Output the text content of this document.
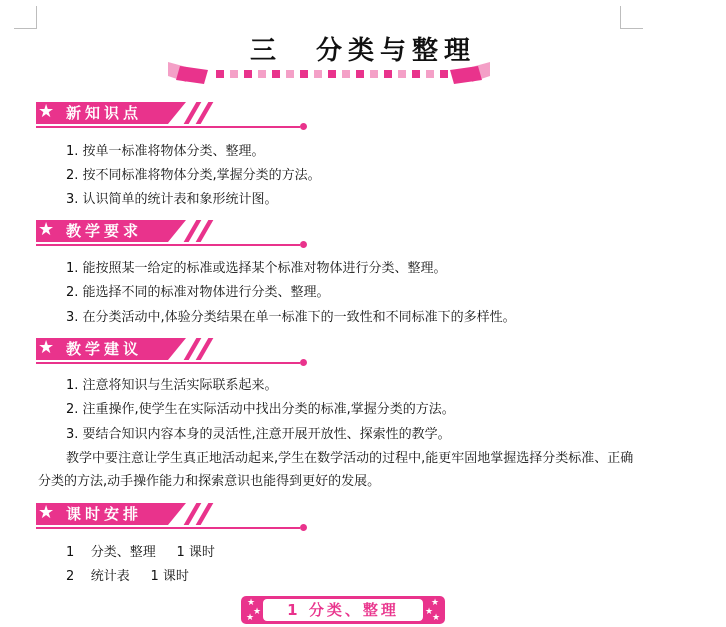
三 分类与整理
★ 新知识点
1. 按单一标准将物体分类、整理。
2. 按不同标准将物体分类,掌握分类的方法。
3. 认识简单的统计表和象形统计图。
★ 教学要求
1. 能按照某一给定的标准或选择某个标准对物体进行分类、整理。
2. 能选择不同的标准对物体进行分类、整理。
3. 在分类活动中,体验分类结果在单一标准下的一致性和不同标准下的多样性。
★ 教学建议
1. 注意将知识与生活实际联系起来。
2. 注重操作,使学生在实际活动中找出分类的标准,掌握分类的方法。
3. 要结合知识内容本身的灵活性,注意开展开放性、探索性的教学。
教学中要注意让学生真正地活动起来,学生在数学活动的过程中,能更牢固地掌握选择分类标准、正确分类的方法,动手操作能力和探索意识也能得到更好的发展。
★ 课时安排
1    分类、整理     1 课时
2    统计表     1 课时
★
★
★
★
★
★
1 分类、整理
